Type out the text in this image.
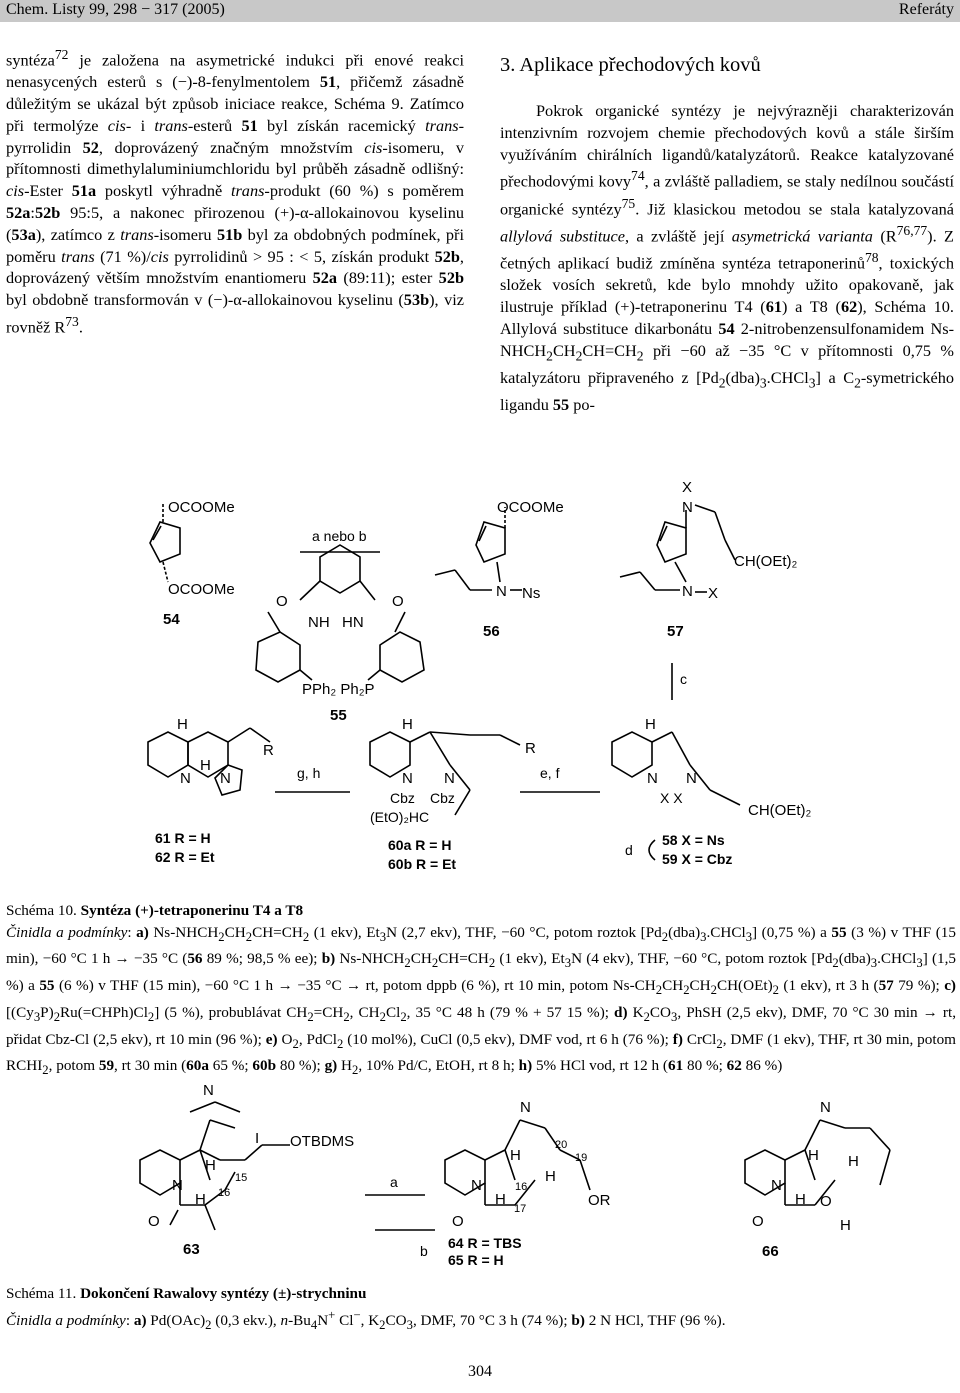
Chem. Listy 99, 298 − 317 (2005)	Referáty
syntéza$^{72}$ je založena na asymetrické indukci při enové reakci nenasycených esterů s (−)-8-fenylmentolem 51, přičemž zásadně důležitým se ukázal být způsob iniciace reakce, Schéma 9. Zatímco při termolýze cis- i trans-esterů 51 byl získán racemický trans-pyrrolidin 52, doprovázený značným množstvím cis-isomeru, v přítomnosti dimethylaluminiumchloridu byl průběh zásadně odlišný: cis-Ester 51a poskytl výhradně trans-produkt (60 %) s poměrem 52a:52b 95:5, a nakonec přirozenou (+)-α-allokainovou kyselinu (53a), zatímco z trans-isomeru 51b byl za obdobných podmínek, při poměru trans (71 %)/cis pyrrolidinů > 95 : < 5, získán produkt 52b, doprovázený větším množstvím enantiomeru 52a (89:11); ester 52b byl obdobně transformován v (−)-α-allokainovou kyselinu (53b), viz rovněž $R^{73}$.
3. Aplikace přechodových kovů
Pokrok organické syntézy je nejvýrazněji charakterizován intenzivním rozvojem chemie přechodových kovů a stále širším využíváním chirálních ligandů/katalyzátorů. Reakce katalyzované přechodovými kovy$^{74}$, a zvláště palladiem, se staly nedílnou součástí organické syntézy$^{75}$. Již klasickou metodou se stala katalyzovaná allylová substituce, a zvláště její asymetrická varianta $(R^{76,77})$. Z četných aplikací budiž zmíněna syntéza tetraponerinů$^{78}$, toxických složek vosích sekretů, kde bylo mnohdy užito opakovaně, jak ilustruje příklad (+)-tetraponerinu T4 (61) a T8 (62), Schéma 10. Allylová substituce dikarbonátu 54 2-nitrobenzensulfonamidem $Ns-NHCH_2CH_2CH=CH_2$ při −60 až −35 °C v přítomnosti 0,75 % katalyzátoru připraveného z $[Pd_2(dba)_3.CHCl_3]$ a $C_2$-symetrického ligandu 55 po-
OCOOMe
OCOOMe
54
a nebo b
O	O
NH HN
PPh₂ Ph₂P
55
OCOOMe
N Ns
56
X
N
CH(OEt)₂
N X
57
c
H
R
N
H
N	g, h
61 R = H
62 R = Et
H
R
N N
Cbz Cbz
(EtO)₂HC
e, f
60a R = H
60b R = Et
H
N N
X X
CH(OEt)₂
d
58 X = Ns
59 X = Cbz

Schéma 10. Syntéza (+)-tetraponerinu T4 a T8

Činidla a podmínky: a) $Ns-NHCH_2CH_2CH=CH_2$ (1 ekv), $Et_3N$ (2,7 ekv), THF, −60 °C, potom roztok $[Pd_2(dba)_3.CHCl_3]$ (0,75 %) a 55 (3 %) v THF (15 min), −60 °C 1 h → −35 °C (56 89 %; 98,5 % ee); b) $Ns-NHCH_2CH_2CH=CH_2$ (1 ekv), $Et_3N$ (4 ekv), THF, −60 °C, potom roztok $[Pd_2(dba)_3.CHCl_3]$ (1,5 %) a 55 (6 %) v THF (15 min), −60 °C 1 h → −35 °C → rt, potom dppb (6 %), rt 10 min, potom $Ns-CH_2CH_2CH_2CH(OEt)_2$ (1 ekv), rt 3 h (57 79 %); c) $[(Cy_3P)_2Ru(=CHPh)Cl_2]$ (5 %), probublávat $CH_2=CH_2$, $CH_2Cl_2$, 35 °C 48 h (79 % + 57 15 %); d) $K_2CO_3$, PhSH (2,5 ekv), DMF, 70 °C 30 min → rt, přidat Cbz-Cl (2,5 ekv), rt 10 min (96 %); e) $O_2$, PdCl$_2$ (10 mol%), CuCl (0,5 ekv), DMF vod, rt 6 h (76 %); f) CrCl$_2$, DMF (1 ekv), THF, rt 30 min, potom $RCHI_2$, potom 59, rt 30 min (60a 65 %; 60b 80 %); g) $H_2$, 10% Pd/C, EtOH, rt 8 h; h) 5% HCl vod, rt 12 h (61 80 %; 62 86 %)

N
I OTBDMS
H
15
N
H 16
O
63
a
N
20
19
H
H
N
H
16
17
O
OR
b 64 R = TBS
65 R = H
N
H H
N
H O
H
O
66

Schéma 11. Dokončení Rawalovy syntézy (±)-strychninu

Činidla a podmínky: a) $Pd(OAc)_2$ (0,3 ekv.), $n-Bu_4N^+$ Cl−, $K_2CO_3$, DMF, 70 °C 3 h (74 %); b) 2 N HCl, THF (96 %).

304
